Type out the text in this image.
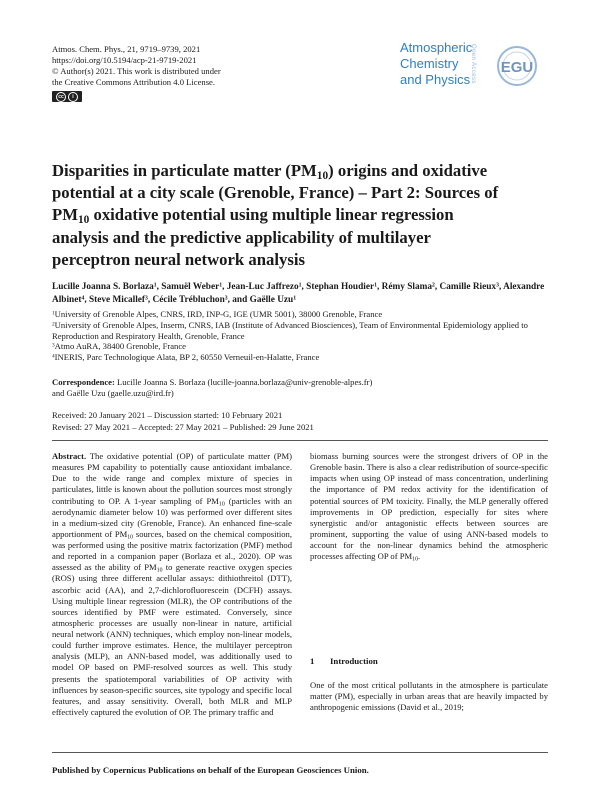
Atmos. Chem. Phys., 21, 9719–9739, 2021
https://doi.org/10.5194/acp-21-9719-2021
© Author(s) 2021. This work is distributed under
the Creative Commons Attribution 4.0 License.
cc	i
Atmospheric
Chemistry
and Physics Open Access EGU
Disparities in particulate matter $(PM_{10})$ origins and oxidative potential at a city scale (Grenoble, France) – Part 2: Sources of $PM_{10}$ oxidative potential using multiple linear regression analysis and the predictive applicability of multilayer perceptron neural network analysis
Lucille Joanna S. Borlaza$^1$, Samuël Weber$^1$, Jean-Luc Jaffrezo$^1$, Stephan Houdier$^1$, Rémy Slama$^2$, Camille Rieux$^3$, Alexandre Albinet$^4$, Steve Micallef$^3$, Cécile Trébluchon$^3$, and Gaëlle Uzu$^1$
$^1$University of Grenoble Alpes, CNRS, IRD, INP-G, IGE (UMR 5001), 38000 Grenoble, France
$^2$University of Grenoble Alpes, Inserm, CNRS, IAB (Institute of Advanced Biosciences), Team of Environmental Epidemiology applied to Reproduction and Respiratory Health, Grenoble, France
$^3$Atmo AuRA, 38400 Grenoble, France
$^4$INERIS, Parc Technologique Alata, BP 2, 60550 Verneuil-en-Halatte, France
Correspondence: Lucille Joanna S. Borlaza (lucille-joanna.borlaza@univ-grenoble-alpes.fr)
and Gaëlle Uzu (gaelle.uzu@ird.fr)
Received: 20 January 2021 – Discussion started: 10 February 2021
Revised: 27 May 2021 – Accepted: 27 May 2021 – Published: 29 June 2021
Abstract. The oxidative potential (OP) of particulate matter (PM) measures PM capability to potentially cause antioxidant imbalance. Due to the wide range and complex mixture of species in particulates, little is known about the pollution sources most strongly contributing to OP. A 1-year sampling of $PM_{10}$ (particles with an aerodynamic diameter below 10) was performed over different sites in a medium-sized city (Grenoble, France). An enhanced fine-scale apportionment of $PM_{10}$ sources, based on the chemical composition, was performed using the positive matrix factorization (PMF) method and reported in a companion paper (Borlaza et al., 2020). OP was assessed as the ability of $PM_{10}$ to generate reactive oxygen species (ROS) using three different acellular assays: dithiothreitol (DTT), ascorbic acid (AA), and 2,7-dichlorofluorescein (DCFH) assays. Using multiple linear regression (MLR), the OP contributions of the sources identified by PMF were estimated. Conversely, since atmospheric processes are usually non-linear in nature, artificial neural network (ANN) techniques, which employ non-linear models, could further improve estimates. Hence, the multilayer perceptron analysis (MLP), an ANN-based model, was additionally used to model OP based on PMF-resolved sources as well. This study presents the spatiotemporal variabilities of OP activity with influences by season-specific sources, site typology and specific local features, and assay sensitivity. Overall, both MLR and MLP effectively captured the evolution of OP. The primary traffic and
biomass burning sources were the strongest drivers of OP in the Grenoble basin. There is also a clear redistribution of source-specific impacts when using OP instead of mass concentration, underlining the importance of PM redox activity for the identification of potential sources of PM toxicity. Finally, the MLP generally offered improvements in OP prediction, especially for sites where synergistic and/or antagonistic effects between sources are prominent, supporting the value of using ANN-based models to account for the non-linear dynamics behind the atmospheric processes affecting OP of $PM_{10}$.
1 Introduction
One of the most critical pollutants in the atmosphere is particulate matter (PM), especially in urban areas that are heavily impacted by anthropogenic emissions (David et al., 2019;
Published by Copernicus Publications on behalf of the European Geosciences Union.
